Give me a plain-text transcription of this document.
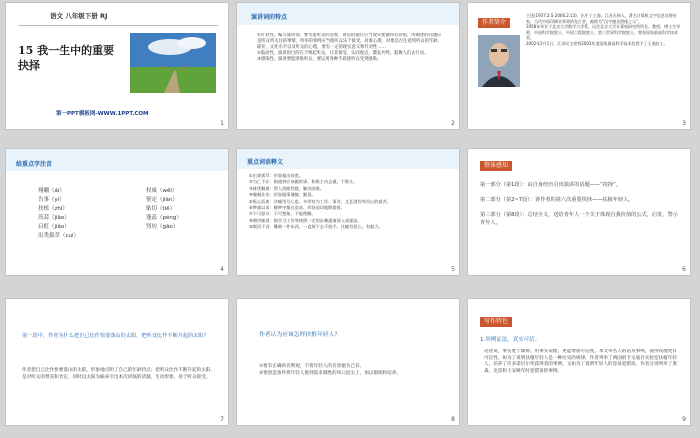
语文 八年级下册 RJ
15 我一生中的重要抉择
第一PPT模板网-WWW.1PPT.COM
1
演讲词的特点
①针对性。编写演讲词，要考虑听众的需要。讲话的题目应当现实要紧得有价值，所阐述的问题应是听众所关注的事情，所举的事例应当使听众乐于接受。对准心理，对象是否注意到听众的年龄、职业、文化水平以及听众的心理，要有一定的现实意义和针对性……
②鼓动性。演讲的目的在于唤起听众，让其接受、认同观点，激发共鸣，鼓舞人们去行动。
③感染性。演讲要能感染听众，要运用各种手段使听众受到感染。
2
作者简介
王选(1937.2.5-2006.2.13)，出生于上海。江苏无锡人。著名计算机文字信息处理专家，当代中国印刷业革命的先行者，被称为“汉字激光照排之父”。
1958年毕业于北京大学数学力学系，历任北京大学计算机研究所所长、教授、博士生导师，中国科学院院士、中国工程院院士、第三世界科学院院士，曾获国家最高科学技术奖。
2002年2月1日，江泽民主席将2001年度国家最高科学技术奖授予了王选院士。
3
给重点字注音
翔硼（ái）	权威（wēi）
告事（yí）	鉴定（jiàn）
扶植（zhí）	贴切（tiē）
茨蒜（jiāo）	蓬蕊（péng）
启贬（jiǎo）	肾坊（gāo）
出类拔萃（cuì）
4
重点词语释义
①出类拔萃：形容超出同类。
②当仁不让：指遇到应该做的事，积极主动去做，不推让。
③排忧解难：帮人消除忧愁，解决困难。
④兢兢业业：形容做事谨慎、勤恳。
⑤呕心沥血：比喻用尽心思。多形容为工作、事业、文艺创作等用心的艰苦。
⑥梦寐以求：睡梦中都在追求。形容迫切地期望着。
⑦不可思议：不可想象，不能理解。
⑧循序渐进：指学习工作等按照一定的步骤逐渐深入或提高。
⑨锲而不舍：雕刻一件东西，一直刻下去不放手。比喻有恒心，有毅力。
5
整体感知
第一部分（第1段）：由自身经历引出演讲的话题——“抉择”。
第二部分（第2~7段）：讲作者的第六次重要抉择——扶植年轻人。
第三部分（第8段）：总结全文，送给青年人一个关于体现自我价值的公式，启发、警示青年人。
6
第一段中，作者为什么把自己比作快要落山的太阳，把听众比作不断升起的太阳？
作者把自己比作快要落山的太阳，形象地点明了自己的年龄特点；把听众比作不断升起的太阳，是对听众的赞美和肯定。同时以太阳为喻来引出本次讲演的话题，生动形象，易于听众接受。
7
作者认为应该怎样扶植年轻人？
①要有正确的名利观，不将年轻人的名誉据为己有。
②要创造条件将年轻人推到需求制胜的风口浪尖上，加以锻炼和培养。
8
写作特色
1.举例证法，真实可信。
论述说，事实胜于雄辩。用事实说理，更能增加可信度。本文举名人的话及事例，使得说理更有可信性。如为了说明扶植年轻人是一种历史的规律，作者列举了两国的卡文迪许实验室扶植年轻人，培养了许多诺贝尔奖获得者的事例。又如为了说明年轻人的容易犯错误，作者分别列举了奥森、克雷和王安映年时犯错误的事例。
9
